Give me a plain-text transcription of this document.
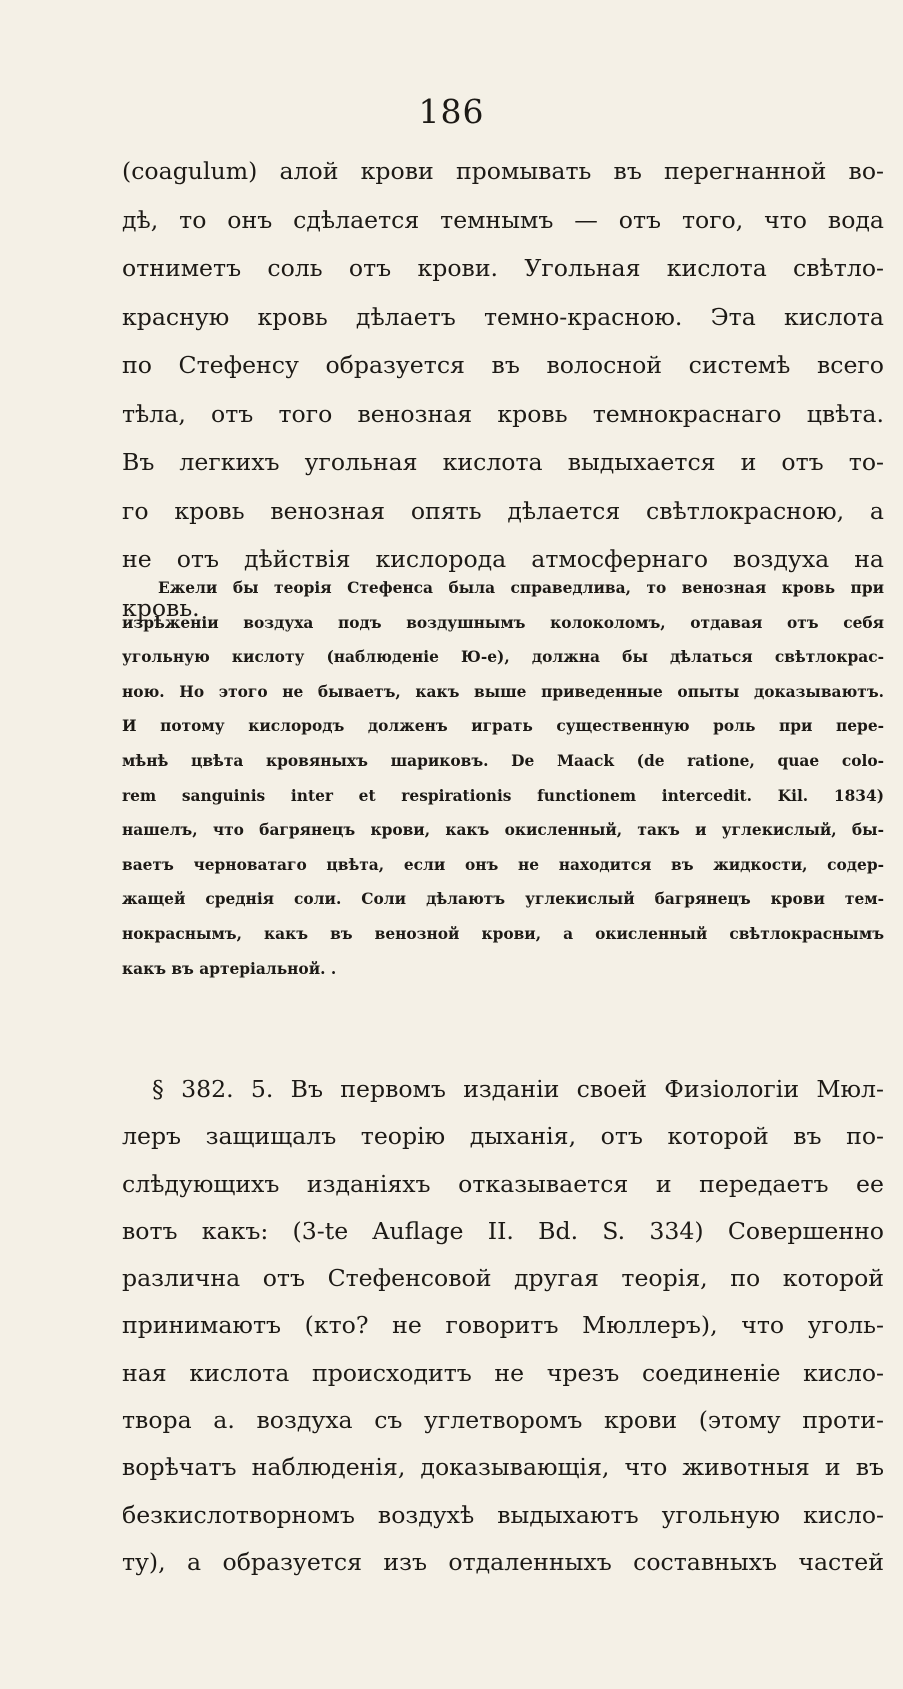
186
(coagulum) алой крови промывать въ перегнанной во-
дѣ, то онъ сдѣлается темнымъ — отъ того, что вода
отниметъ соль отъ крови. Угольная кислота свѣтло-
красную кровь дѣлаетъ темно-красною. Эта кислота
по Стефенсу образуется въ волосной системѣ всего
тѣла, отъ того венозная кровь темнокраснаго цвѣта.
Въ легкихъ угольная кислота выдыхается и отъ то-
го кровь венозная опять дѣлается свѣтлокрасною, а
не отъ дѣйствія кислорода атмосфернаго воздуха на
кровь.
Ежели бы теорія Стефенса была справедлива, то венозная кровь при
изрѣженіи воздуха подъ воздушнымъ колоколомъ, отдавая отъ себя
угольную кислоту (наблюденіе Ю-е), должна бы дѣлаться свѣтлокрас-
ною. Но этого не бываетъ, какъ выше приведенные опыты доказываютъ.
И потому кислородъ долженъ играть существенную роль при пере-
мѣнѣ цвѣта кровяныхъ шариковъ. De Maack (de ratione, quae colo-
rem sanguinis inter et respirationis functionem intercedit. Kil. 1834)
нашелъ, что багрянецъ крови, какъ окисленный, такъ и углекислый, бы-
ваетъ черноватаго цвѣта, если онъ не находится въ жидкости, содер-
жащей среднія соли. Соли дѣлаютъ углекислый багрянецъ крови тем-
нокраснымъ, какъ въ венозной крови, а окисленный свѣтлокраснымъ
какъ въ артеріальной. .
§ 382. 5. Въ первомъ изданіи своей Физіологіи Мюл-
леръ защищалъ теорію дыханія, отъ которой въ по-
слѣдующихъ изданіяхъ отказывается и передаетъ ее
вотъ какъ: (3-te Auflage II. Bd. S. 334) Совершенно
различна отъ Стефенсовой другая теорія, по которой
принимаютъ (кто? не говоритъ Мюллеръ), что уголь-
ная кислота происходитъ не чрезъ соединеніе кисло-
твора а. воздуха съ углетворомъ крови (этому проти-
ворѣчатъ наблюденія, доказывающія, что животныя и въ
безкислотворномъ воздухѣ выдыхаютъ угольную кисло-
ту), а образуется изъ отдаленныхъ составныхъ частей
